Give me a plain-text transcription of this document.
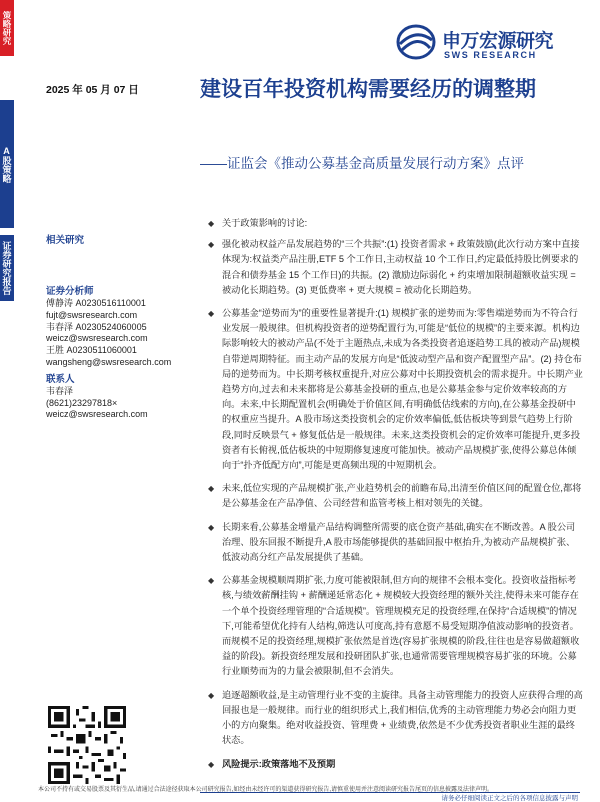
策略研究
A股策略
证券研究报告
申万宏源研究
SWS RESEARCH
2025 年 05 月 07 日	建设百年投资机构需要经历的调整期
——证监会《推动公募基金高质量发展行动方案》点评
相关研究
证券分析师
傅静涛 A0230516110001
fujt@swsresearch.com
韦春泽 A0230524060005
weicz@swsresearch.com
王胜 A0230511060001
wangsheng@swsresearch.com
联系人
韦春泽
(8621)23297818×
weicz@swsresearch.com
◆ 关于政策影响的讨论:
◆ 强化被动权益产品发展趋势的“三个共振”:(1) 投资者需求 + 政策鼓励(此次行动方案中直接体现为:权益类产品注册,ETF 5 个工作日,主动权益 10 个工作日,约定最低持股比例要求的混合和债券基金 15 个工作日)的共振。(2) 激励边际弱化 + 约束增加限制超额收益实现 = 被动化长期趋势。(3) 更低费率 + 更大规模 = 被动化长期趋势。
◆ 公募基金“逆势而为”的重要性显著提升:(1) 规模扩张的逆势而为:零售端逆势而为不符合行业发展一般规律。但机构投资者的逆势配置行为,可能是“低位的规模”的主要来源。机构边际影响较大的被动产品(不处于主题热点,未成为各类投资者追逐趋势工具的被动产品)规模自带逆周期特征。而主动产品的发展方向是“低波动型产品和资产配置型产品”。(2) 持仓布局的逆势而为。中长期考核权重提升,对应公募对中长期投资机会的需求提升。中长期产业趋势方向,过去和未来都将是公募基金投研的重点,也是公募基金参与定价效率较高的方向。未来,中长期配置机会(明确处于价值区间,有明确低估线索的方向),在公募基金投研中的权重应当提升。A 股市场这类投资机会的定价效率偏低,低估板块等到景气趋势上行阶段,同时反映景气 + 修复低估是一般规律。未来,这类投资机会的定价效率可能提升,更多投资者有长俯视,低估板块的中短期修复速度可能加快。被动产品规模扩张,使得公募总体倾向于“扑齐低配方向”,可能是更高频出现的中短期机会。
◆ 未来,低位实现的产品规模扩张,产业趋势机会的前瞻布局,出清至价值区间的配置仓位,都将是公募基金在产品净值、公司经营和监管考核上相对领先的关键。
◆ 长期来看,公募基金增量产品结构调整所需要的底仓资产基础,确实在不断改善。A 股公司治理、股东回报不断提升,A 股市场能够提供的基础回报中枢抬升,为被动产品规模扩张、低波动高分红产品发展提供了基础。
◆ 公募基金规模顺周期扩张,力度可能被限制,但方向的规律不会根本变化。投资收益指标考核,与绩效薪酬挂钩 + 薪酬递延常态化 + 规模较大投资经理的额外关注,使得未来可能存在一个单个投资经理管理的“合适规模”。管理规模充足的投资经理,在保持“合适规模”的情况下,可能希望优化持有人结构,筛选认可度高,持有意愿不易受短期净值波动影响的投资者。而规模不足的投资经理,规模扩张依然是首选(容易扩张规模的阶段,往往也是容易做超额收益的阶段)。新投资经理发展和投研团队扩张,也通常需要管理规模容易扩张的环境。公募行业顺势而为的力量会被限制,但不会消失。
◆ 追逐超额收益,是主动管理行业不变的主旋律。具备主动管理能力的投资人应获得合理的高回报也是一般规律。而行业的组织形式上,我们相信,优秀的主动管理能力势必会向阻力更小的方向聚集。绝对收益投资、管理费 + 业绩费,依然是不少优秀投资者职业生涯的最终状态。
◆ 风险提示:政策落地不及预期
本公司不持有或交易股票及其衍生品,请通过合法途径获取本公司研究报告,如经由未经许可的渠道获得研究报告,请慎重使用并注意阅读研究报告尾页的信息披露及法律声明。
请务必仔细阅读正文之后的各项信息披露与声明
